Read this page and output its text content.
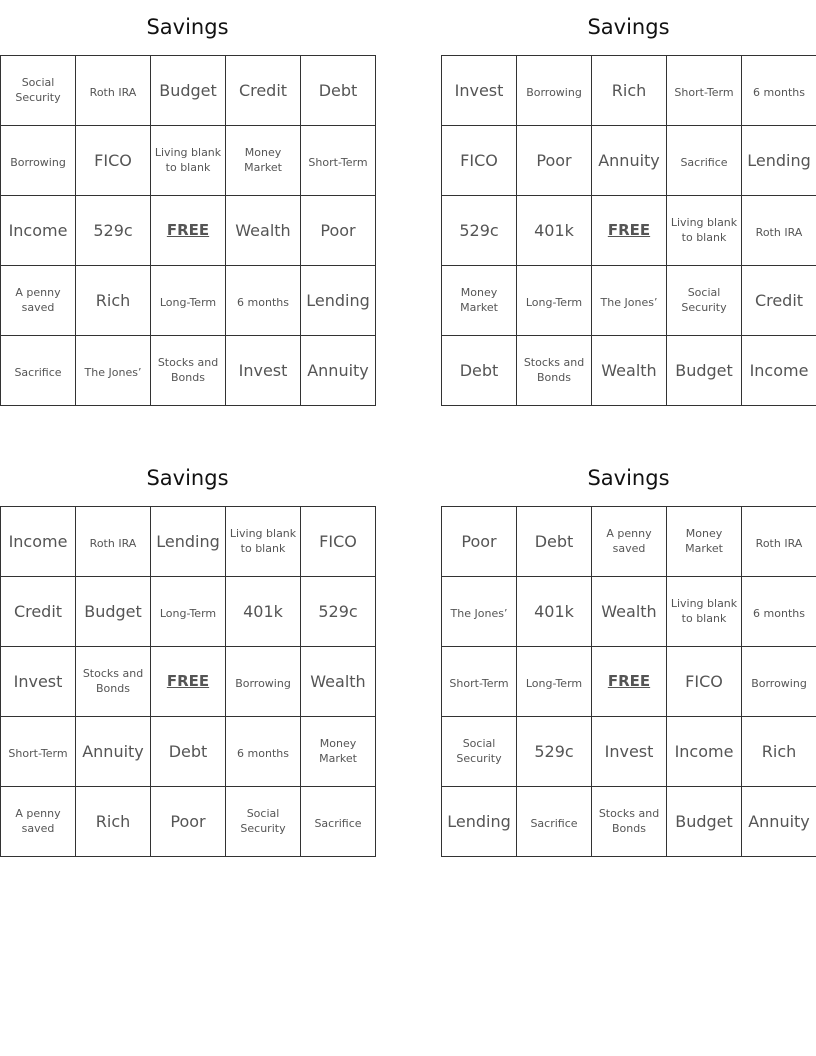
Savings
Social Security	Roth IRA	Budget	Credit	Debt
Borrowing	FICO	Living blank to blank	Money Market	Short-Term
Income	529c	FREE	Wealth	Poor
A penny saved	Rich	Long-Term	6 months	Lending
Sacrifice	The Jones’	Stocks and Bonds	Invest	Annuity
Savings
Invest	Borrowing	Rich	Short-Term	6 months
FICO	Poor	Annuity	Sacrifice	Lending
529c	401k	FREE	Living blank to blank	Roth IRA
Money Market	Long-Term	The Jones’	Social Security	Credit
Debt	Stocks and Bonds	Wealth	Budget	Income
Savings
Income	Roth IRA	Lending	Living blank to blank	FICO
Credit	Budget	Long-Term	401k	529c
Invest	Stocks and Bonds	FREE	Borrowing	Wealth
Short-Term	Annuity	Debt	6 months	Money Market
A penny saved	Rich	Poor	Social Security	Sacrifice
Savings
Poor	Debt	A penny saved	Money Market	Roth IRA
The Jones’	401k	Wealth	Living blank to blank	6 months
Short-Term	Long-Term	FREE	FICO	Borrowing
Social Security	529c	Invest	Income	Rich
Lending	Sacrifice	Stocks and Bonds	Budget	Annuity
